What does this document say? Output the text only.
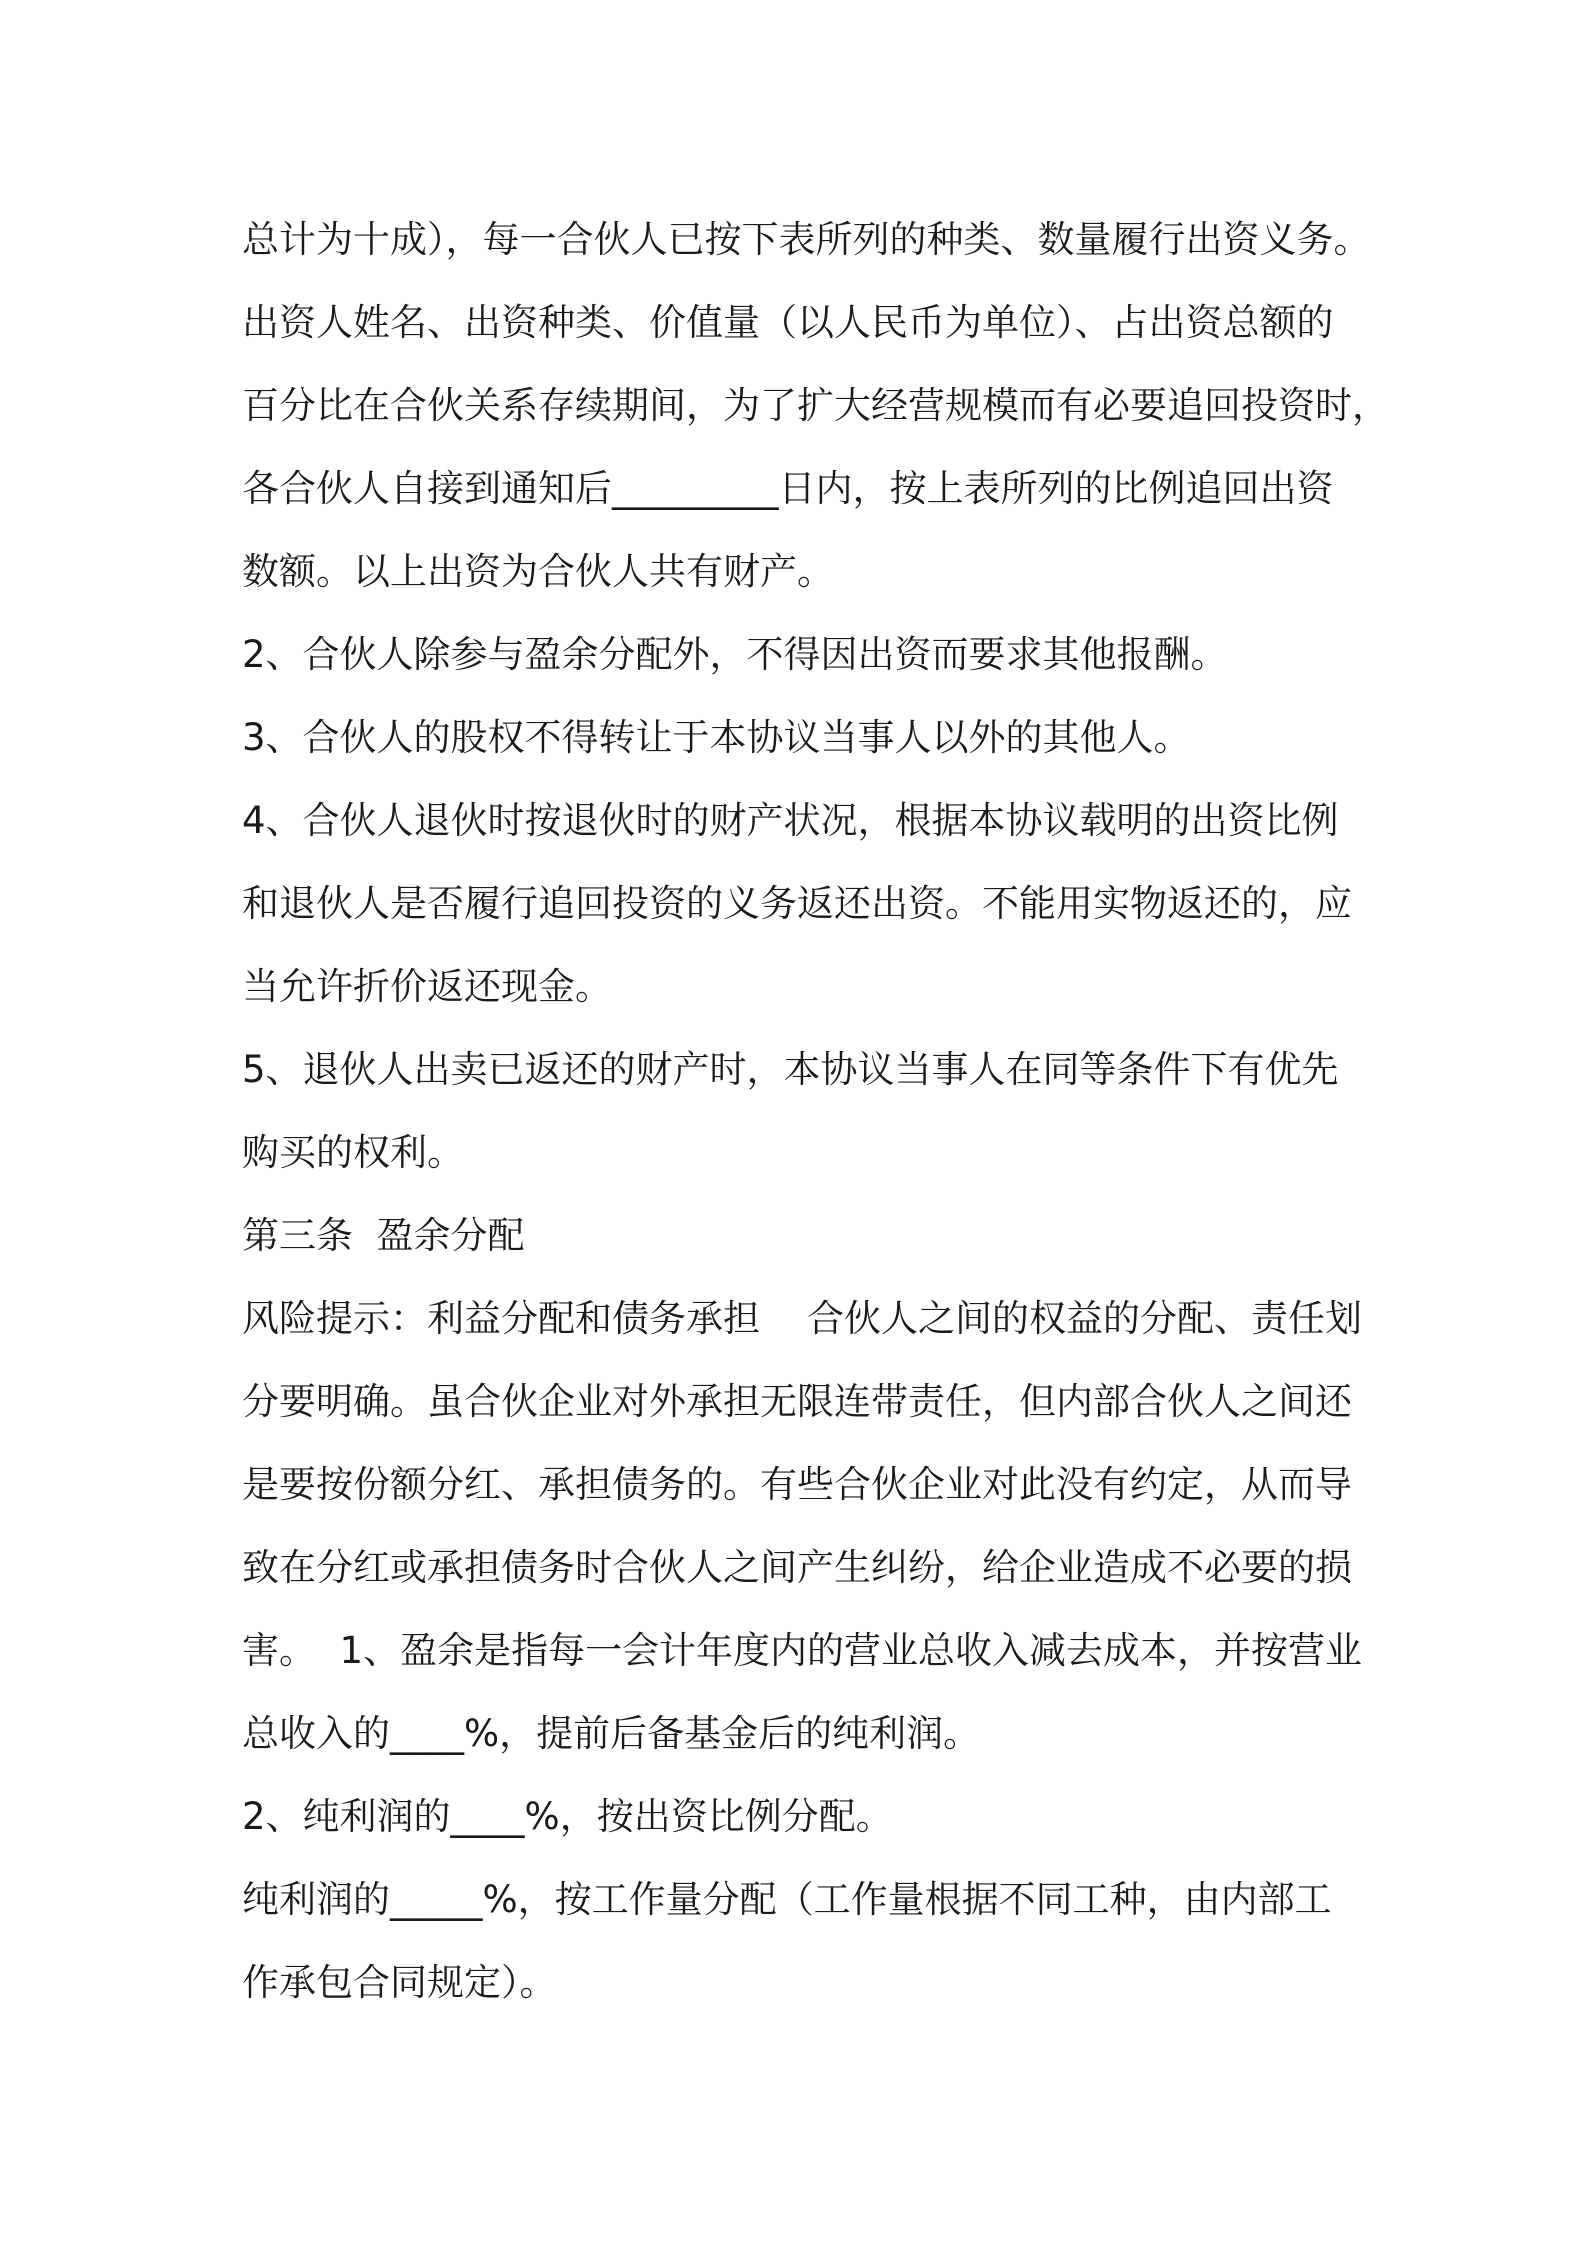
总计为十成），每一合伙人已按下表所列的种类、数量履行出资义务。
出资人姓名、出资种类、价值量（以人民币为单位）、占出资总额的
百分比在合伙关系存续期间，为了扩大经营规模而有必要追回投资时，
各合伙人自接到通知后_________日内，按上表所列的比例追回出资
数额。以上出资为合伙人共有财产。
2、合伙人除参与盈余分配外，不得因出资而要求其他报酬。
3、合伙人的股权不得转让于本协议当事人以外的其他人。
4、合伙人退伙时按退伙时的财产状况，根据本协议载明的出资比例
和退伙人是否履行追回投资的义务返还出资。不能用实物返还的，应
当允许折价返还现金。
5、退伙人出卖已返还的财产时，本协议当事人在同等条件下有优先
购买的权利。
第三条  盈余分配
风险提示：利益分配和债务承担    合伙人之间的权益的分配、责任划
分要明确。虽合伙企业对外承担无限连带责任，但内部合伙人之间还
是要按份额分红、承担债务的。有些合伙企业对此没有约定，从而导
致在分红或承担债务时合伙人之间产生纠纷，给企业造成不必要的损
害。  1、盈余是指每一会计年度内的营业总收入减去成本，并按营业
总收入的____%，提前后备基金后的纯利润。
2、纯利润的____%，按出资比例分配。
纯利润的_____%，按工作量分配（工作量根据不同工种，由内部工
作承包合同规定）。
